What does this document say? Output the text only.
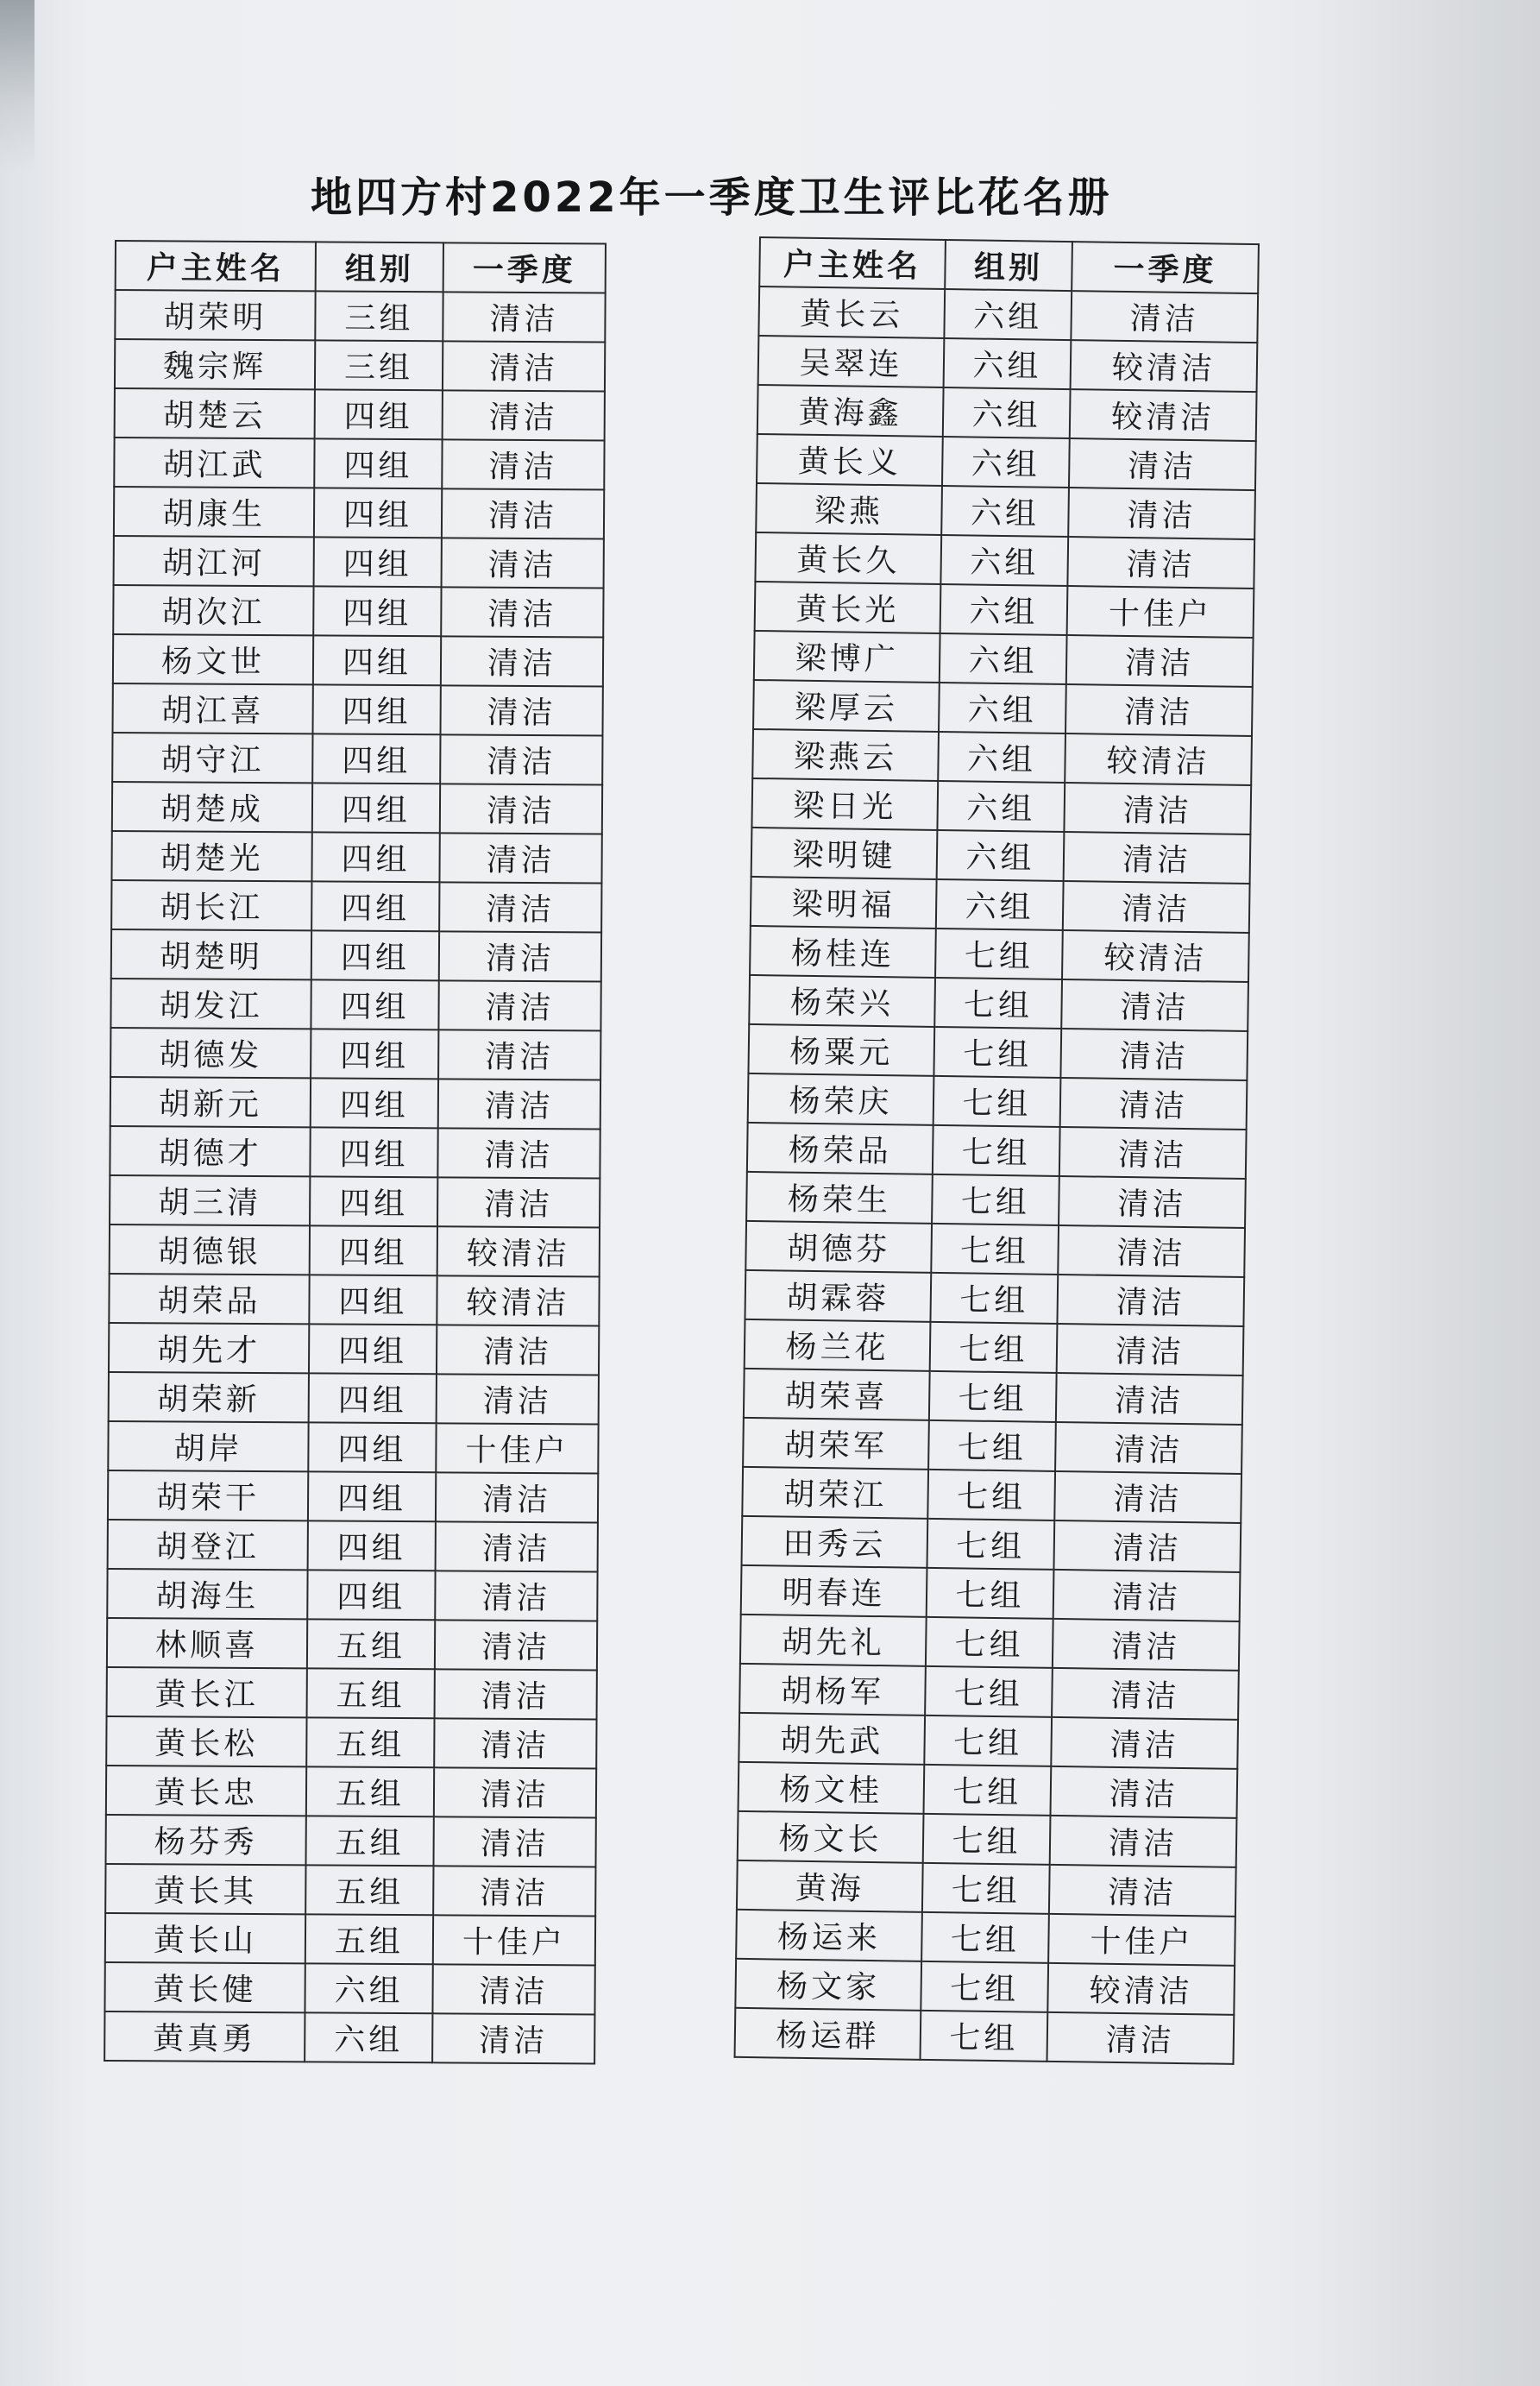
地四方村2022年一季度卫生评比花名册
户主姓名	组别	一季度
胡荣明	三组	清洁
魏宗辉	三组	清洁
胡楚云	四组	清洁
胡江武	四组	清洁
胡康生	四组	清洁
胡江河	四组	清洁
胡次江	四组	清洁
杨文世	四组	清洁
胡江喜	四组	清洁
胡守江	四组	清洁
胡楚成	四组	清洁
胡楚光	四组	清洁
胡长江	四组	清洁
胡楚明	四组	清洁
胡发江	四组	清洁
胡德发	四组	清洁
胡新元	四组	清洁
胡德才	四组	清洁
胡三清	四组	清洁
胡德银	四组	较清洁
胡荣品	四组	较清洁
胡先才	四组	清洁
胡荣新	四组	清洁
胡岸	四组	十佳户
胡荣干	四组	清洁
胡登江	四组	清洁
胡海生	四组	清洁
林顺喜	五组	清洁
黄长江	五组	清洁
黄长松	五组	清洁
黄长忠	五组	清洁
杨芬秀	五组	清洁
黄长其	五组	清洁
黄长山	五组	十佳户
黄长健	六组	清洁
黄真勇	六组	清洁
户主姓名	组别	一季度
黄长云	六组	清洁
吴翠连	六组	较清洁
黄海鑫	六组	较清洁
黄长义	六组	清洁
梁燕	六组	清洁
黄长久	六组	清洁
黄长光	六组	十佳户
梁博广	六组	清洁
梁厚云	六组	清洁
梁燕云	六组	较清洁
梁日光	六组	清洁
梁明键	六组	清洁
梁明福	六组	清洁
杨桂连	七组	较清洁
杨荣兴	七组	清洁
杨粟元	七组	清洁
杨荣庆	七组	清洁
杨荣品	七组	清洁
杨荣生	七组	清洁
胡德芬	七组	清洁
胡霖蓉	七组	清洁
杨兰花	七组	清洁
胡荣喜	七组	清洁
胡荣军	七组	清洁
胡荣江	七组	清洁
田秀云	七组	清洁
明春连	七组	清洁
胡先礼	七组	清洁
胡杨军	七组	清洁
胡先武	七组	清洁
杨文桂	七组	清洁
杨文长	七组	清洁
黄海	七组	清洁
杨运来	七组	十佳户
杨文家	七组	较清洁
杨运群	七组	清洁
